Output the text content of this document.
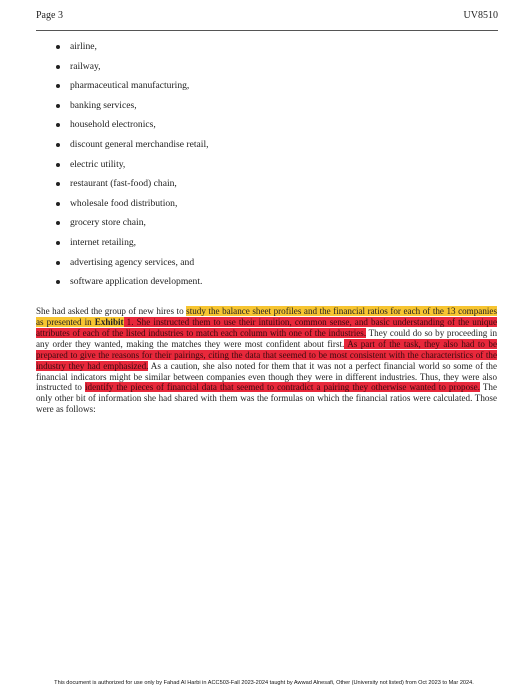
Page 3	UV8510
airline,
railway,
pharmaceutical manufacturing,
banking services,
household electronics,
discount general merchandise retail,
electric utility,
restaurant (fast-food) chain,
wholesale food distribution,
grocery store chain,
internet retailing,
advertising agency services, and
software application development.

She had asked the group of new hires to study the balance sheet profiles and the financial ratios for each of the 13 companies as presented in Exhibit 1. She instructed them to use their intuition, common sense, and basic understanding of the unique attributes of each of the listed industries to match each column with one of the industries. They could do so by proceeding in any order they wanted, making the matches they were most confident about first. As part of the task, they also had to be prepared to give the reasons for their pairings, citing the data that seemed to be most consistent with the characteristics of the industry they had emphasized. As a caution, she also noted for them that it was not a perfect financial world so some of the financial indicators might be similar between companies even though they were in different industries. Thus, they were also instructed to identify the pieces of financial data that seemed to contradict a pairing they otherwise wanted to propose. The only other bit of information she had shared with them was the formulas on which the financial ratios were calculated. Those were as follows:

This document is authorized for use only by Fahad Al Harbi in ACC503-Fall 2023-2024 taught by Awwad Alnesafi, Other (University not listed) from Oct 2023 to Mar 2024.
